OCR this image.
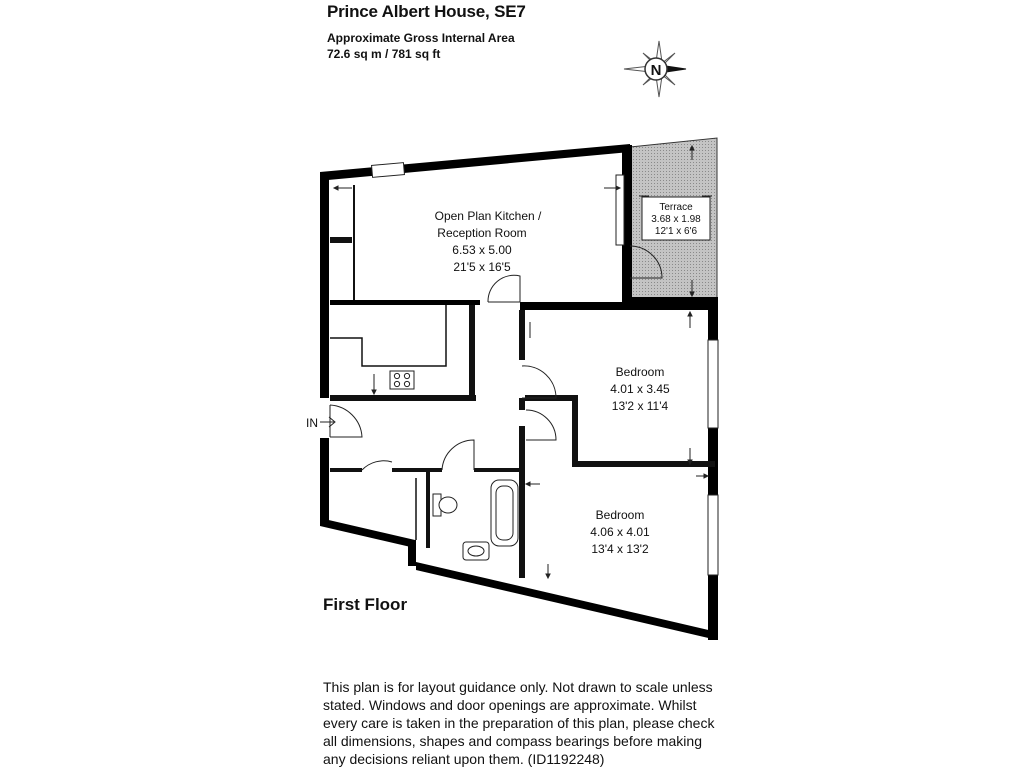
Prince Albert House, SE7
Approximate Gross Internal Area
72.6 sq m / 781 sq ft
N
IN
Open Plan Kitchen /
Reception Room
6.53 x 5.00
21'5 x 16'5
Terrace
3.68 x 1.98
12'1 x 6'6
Bedroom
4.01 x 3.45
13'2 x 11'4
Bedroom
4.06 x 4.01
13'4 x 13'2
First Floor
This plan is for layout guidance only. Not drawn to scale unless
stated. Windows and door openings are approximate. Whilst
every care is taken in the preparation of this plan, please check
all dimensions, shapes and compass bearings before making
any decisions reliant upon them. (ID1192248)
